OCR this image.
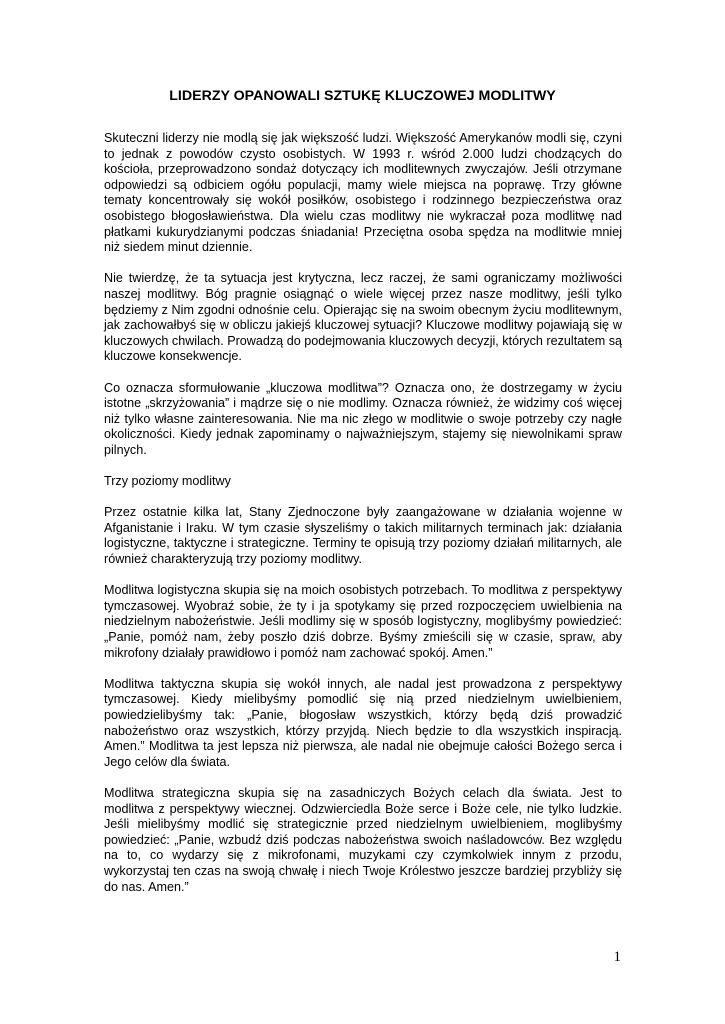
LIDERZY OPANOWALI SZTUKĘ KLUCZOWEJ MODLITWY

Skuteczni liderzy nie modlą się jak większość ludzi. Większość Amerykanów modli się, czyni to jednak z powodów czysto osobistych. W 1993 r. wśród 2.000 ludzi chodzących do kościoła, przeprowadzono sondaż dotyczący ich modlitewnych zwyczajów. Jeśli otrzymane odpowiedzi są odbiciem ogółu populacji, mamy wiele miejsca na poprawę. Trzy główne tematy koncentrowały się wokół posiłków, osobistego i rodzinnego bezpieczeństwa oraz osobistego błogosławieństwa. Dla wielu czas modlitwy nie wykraczał poza modlitwę nad płatkami kukurydzianymi podczas śniadania! Przeciętna osoba spędza na modlitwie mniej niż siedem minut dziennie.

Nie twierdzę, że ta sytuacja jest krytyczna, lecz raczej, że sami ograniczamy możliwości naszej modlitwy. Bóg pragnie osiągnąć o wiele więcej przez nasze modlitwy, jeśli tylko będziemy z Nim zgodni odnośnie celu. Opierając się na swoim obecnym życiu modlitewnym, jak zachowałbyś się w obliczu jakiejś kluczowej sytuacji? Kluczowe modlitwy pojawiają się w kluczowych chwilach. Prowadzą do podejmowania kluczowych decyzji, których rezultatem są kluczowe konsekwencje.

Co oznacza sformułowanie „kluczowa modlitwa”? Oznacza ono, że dostrzegamy w życiu istotne „skrzyżowania” i mądrze się o nie modlimy. Oznacza również, że widzimy coś więcej niż tylko własne zainteresowania. Nie ma nic złego w modlitwie o swoje potrzeby czy nagłe okoliczności. Kiedy jednak zapominamy o najważniejszym, stajemy się niewolnikami spraw pilnych.

Trzy poziomy modlitwy

Przez ostatnie kilka lat, Stany Zjednoczone były zaangażowane w działania wojenne w Afganistanie i Iraku. W tym czasie słyszeliśmy o takich militarnych terminach jak: działania logistyczne, taktyczne i strategiczne. Terminy te opisują trzy poziomy działań militarnych, ale również charakteryzują trzy poziomy modlitwy.

Modlitwa logistyczna skupia się na moich osobistych potrzebach. To modlitwa z perspektywy tymczasowej. Wyobraź sobie, że ty i ja spotykamy się przed rozpoczęciem uwielbienia na niedzielnym nabożeństwie. Jeśli modlimy się w sposób logistyczny, moglibyśmy powiedzieć: „Panie, pomóż nam, żeby poszło dziś dobrze. Byśmy zmieścili się w czasie, spraw, aby mikrofony działały prawidłowo i pomóż nam zachować spokój. Amen.”

Modlitwa taktyczna skupia się wokół innych, ale nadal jest prowadzona z perspektywy tymczasowej. Kiedy mielibyśmy pomodlić się nią przed niedzielnym uwielbieniem, powiedzielibyśmy tak: „Panie, błogosław wszystkich, którzy będą dziś prowadzić nabożeństwo oraz wszystkich, którzy przyjdą. Niech będzie to dla wszystkich inspiracją. Amen.” Modlitwa ta jest lepsza niż pierwsza, ale nadal nie obejmuje całości Bożego serca i Jego celów dla świata.

Modlitwa strategiczna skupia się na zasadniczych Bożych celach dla świata. Jest to modlitwa z perspektywy wiecznej. Odzwierciedla Boże serce i Boże cele, nie tylko ludzkie. Jeśli mielibyśmy modlić się strategicznie przed niedzielnym uwielbieniem, moglibyśmy powiedzieć: „Panie, wzbudź dziś podczas nabożeństwa swoich naśladowców. Bez względu na to, co wydarzy się z mikrofonami, muzykami czy czymkolwiek innym z przodu, wykorzystaj ten czas na swoją chwałę i niech Twoje Królestwo jeszcze bardziej przybliży się do nas. Amen.”

1
